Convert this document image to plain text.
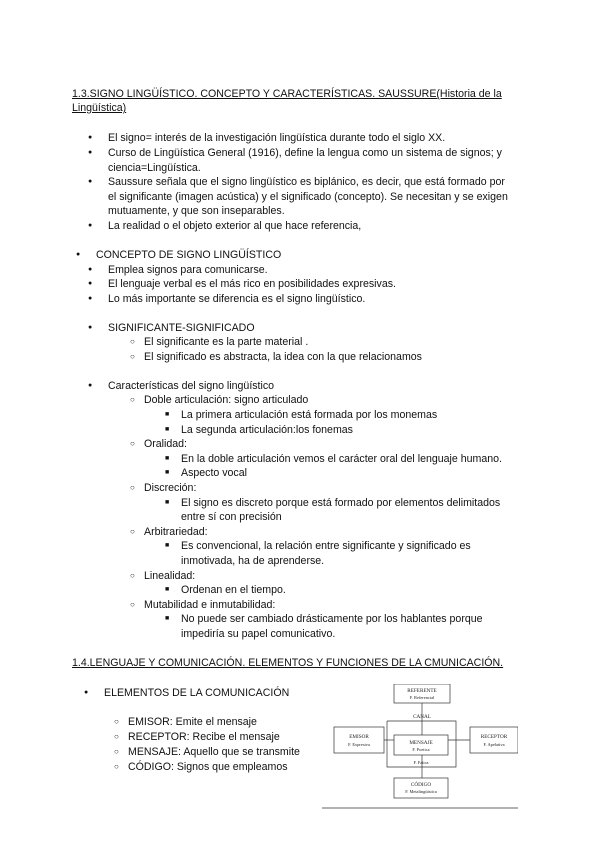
1.3.SIGNO LINGÜÍSTICO. CONCEPTO Y CARACTERÍSTICAS. SAUSSURE(Historia de la
Lingüística)
● El signo= interés de la investigación lingüística durante todo el siglo XX.
● Curso de Lingüística General (1916), define la lengua como un sistema de signos; y
ciencia=Lingüística.
● Saussure señala que el signo lingüístico es biplánico, es decir, que está formado por
el significante (imagen acústica) y el significado (concepto). Se necesitan y se exigen
mutuamente, y que son inseparables.
● La realidad o el objeto exterior al que hace referencia,
● CONCEPTO DE SIGNO LINGÜÍSTICO
● Emplea signos para comunicarse.
● El lenguaje verbal es el más rico en posibilidades expresivas.
● Lo más importante se diferencia es el signo lingüístico.
● SIGNIFICANTE-SIGNIFICADO
○ El significante es la parte material .
○ El significado es abstracta, la idea con la que relacionamos
● Características del signo lingüístico
○ Doble articulación: signo articulado
■ La primera articulación está formada por los monemas
■ La segunda articulación:los fonemas
○ Oralidad:
■ En la doble articulación vemos el carácter oral del lenguaje humano.
■ Aspecto vocal
○ Discreción:
■ El signo es discreto porque está formado por elementos delimitados
entre sí con precisión
○ Arbitrariedad:
■ Es convencional, la relación entre significante y significado es
inmotivada, ha de aprenderse.
○ Linealidad:
■ Ordenan en el tiempo.
○ Mutabilidad e inmutabilidad:
■ No puede ser cambiado drásticamente por los hablantes porque
impediría su papel comunicativo.
1.4.LENGUAJE Y COMUNICACIÓN. ELEMENTOS Y FUNCIONES DE LA CMUNICACIÓN.
● ELEMENTOS DE LA COMUNICACIÓN
○ EMISOR: Emite el mensaje
○ RECEPTOR: Recibe el mensaje
○ MENSAJE: Aquello que se transmite
○ CÓDIGO: Signos que empleamos
REFERENTE
F. Referencial
CANAL
EMISOR
F. Expresiva	MENSAJE
F. Poetica
RECEPTOR
F. Apelativa
F. Fatica
CÓDIGO
F. Metalingüística
